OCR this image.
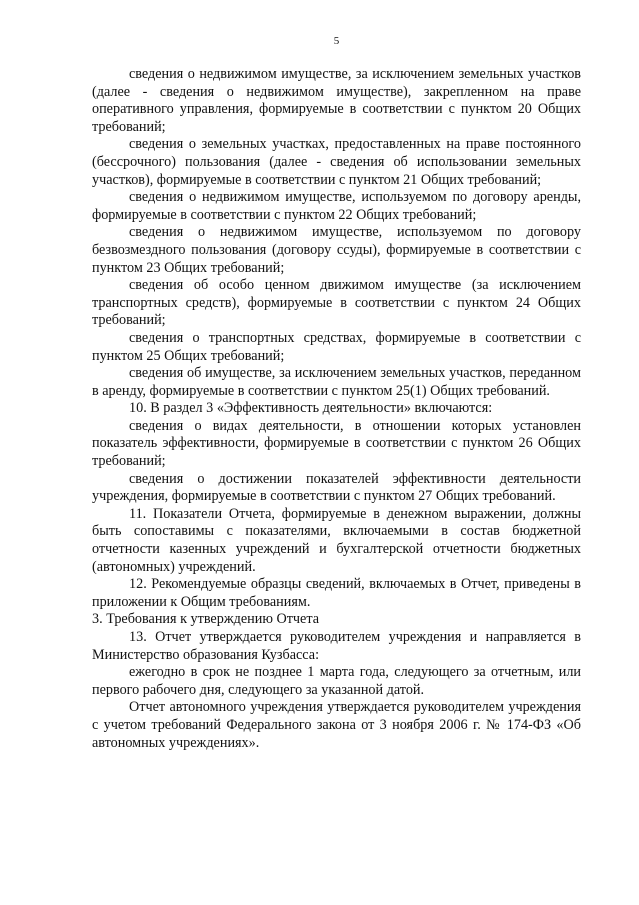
5

сведения о недвижимом имуществе, за исключением земельных участков (далее - сведения о недвижимом имуществе), закрепленном на праве оперативного управления, формируемые в соответствии с пунктом 20 Общих требований;

сведения о земельных участках, предоставленных на праве постоянного (бессрочного) пользования (далее - сведения об использовании земельных участков), формируемые в соответствии с пунктом 21 Общих требований;

сведения о недвижимом имуществе, используемом по договору аренды, формируемые в соответствии с пунктом 22 Общих требований;

сведения о недвижимом имуществе, используемом по договору безвозмездного пользования (договору ссуды), формируемые в соответствии с пунктом 23 Общих требований;

сведения об особо ценном движимом имуществе (за исключением транспортных средств), формируемые в соответствии с пунктом 24 Общих требований;

сведения о транспортных средствах, формируемые в соответствии с пунктом 25 Общих требований;

сведения об имуществе, за исключением земельных участков, переданном в аренду, формируемые в соответствии с пунктом 25(1) Общих требований.

10. В раздел 3 «Эффективность деятельности» включаются:

сведения о видах деятельности, в отношении которых установлен показатель эффективности, формируемые в соответствии с пунктом 26 Общих требований;

сведения о достижении показателей эффективности деятельности учреждения, формируемые в соответствии с пунктом 27 Общих требований.

11. Показатели Отчета, формируемые в денежном выражении, должны быть сопоставимы с показателями, включаемыми в состав бюджетной отчетности казенных учреждений и бухгалтерской отчетности бюджетных (автономных) учреждений.

12. Рекомендуемые образцы сведений, включаемых в Отчет, приведены в приложении к Общим требованиям.

3. Требования к утверждению Отчета

13. Отчет утверждается руководителем учреждения и направляется в Министерство образования Кузбасса:

ежегодно в срок не позднее 1 марта года, следующего за отчетным, или первого рабочего дня, следующего за указанной датой.

Отчет автономного учреждения утверждается руководителем учреждения с учетом требований Федерального закона от 3 ноября 2006 г. № 174-ФЗ «Об автономных учреждениях».
